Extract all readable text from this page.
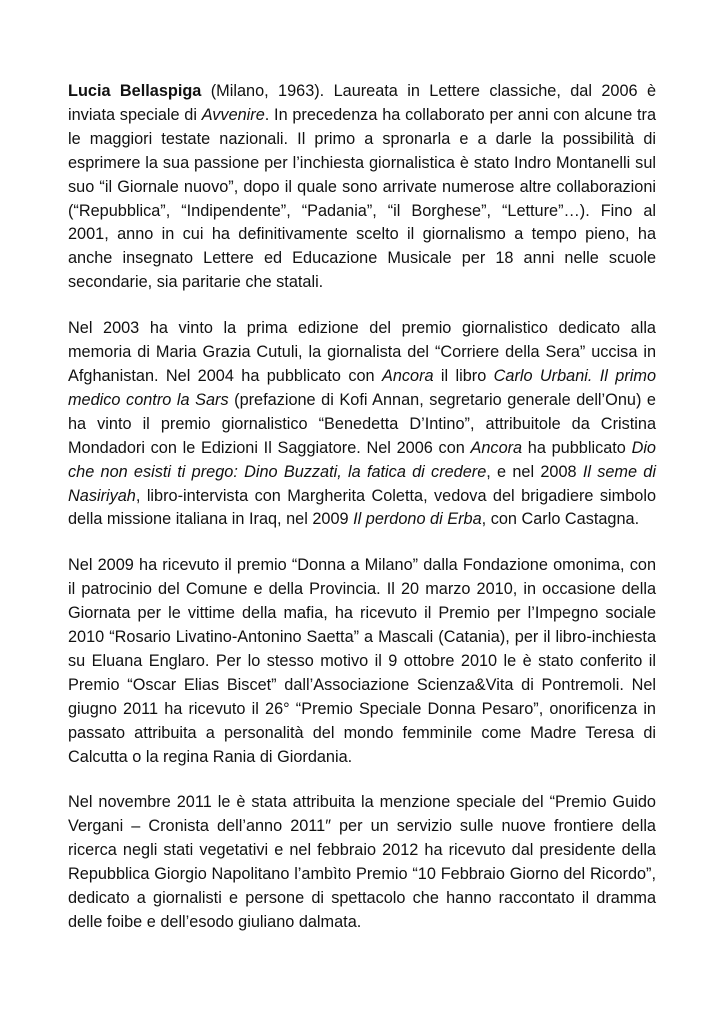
Lucia Bellaspiga (Milano, 1963). Laureata in Lettere classiche, dal 2006 è inviata speciale di Avvenire. In precedenza ha collaborato per anni con alcune tra le maggiori testate nazionali. Il primo a spronarla e a darle la possibilità di esprimere la sua passione per l’inchiesta giornalistica è stato Indro Montanelli sul suo “il Giornale nuovo”, dopo il quale sono arrivate numerose altre collaborazioni (“Repubblica”, “Indipendente”, “Padania”, “il Borghese”, “Letture”…). Fino al 2001, anno in cui ha definitivamente scelto il giornalismo a tempo pieno, ha anche insegnato Lettere ed Educazione Musicale per 18 anni nelle scuole secondarie, sia paritarie che statali.

Nel 2003 ha vinto la prima edizione del premio giornalistico dedicato alla memoria di Maria Grazia Cutuli, la giornalista del “Corriere della Sera” uccisa in Afghanistan. Nel 2004 ha pubblicato con Ancora il libro Carlo Urbani. Il primo medico contro la Sars (prefazione di Kofi Annan, segretario generale dell’Onu) e ha vinto il premio giornalistico “Benedetta D’Intino”, attribuitole da Cristina Mondadori con le Edizioni Il Saggiatore. Nel 2006 con Ancora ha pubblicato Dio che non esisti ti prego: Dino Buzzati, la fatica di credere, e nel 2008 Il seme di Nasiriyah, libro-intervista con Margherita Coletta, vedova del brigadiere simbolo della missione italiana in Iraq, nel 2009 Il perdono di Erba, con Carlo Castagna.

Nel 2009 ha ricevuto il premio “Donna a Milano” dalla Fondazione omonima, con il patrocinio del Comune e della Provincia. Il 20 marzo 2010, in occasione della Giornata per le vittime della mafia, ha ricevuto il Premio per l’Impegno sociale 2010 “Rosario Livatino-Antonino Saetta” a Mascali (Catania), per il libro-inchiesta su Eluana Englaro. Per lo stesso motivo il 9 ottobre 2010 le è stato conferito il Premio “Oscar Elias Biscet” dall’Associazione Scienza&Vita di Pontremoli. Nel giugno 2011 ha ricevuto il 26° “Premio Speciale Donna Pesaro”, onorificenza in passato attribuita a personalità del mondo femminile come Madre Teresa di Calcutta o la regina Rania di Giordania.

Nel novembre 2011 le è stata attribuita la menzione speciale del “Premio Guido Vergani – Cronista dell’anno 2011″ per un servizio sulle nuove frontiere della ricerca negli stati vegetativi e nel febbraio 2012 ha ricevuto dal presidente della Repubblica Giorgio Napolitano l’ambìto Premio “10 Febbraio Giorno del Ricordo”, dedicato a giornalisti e persone di spettacolo che hanno raccontato il dramma delle foibe e dell’esodo giuliano dalmata.
